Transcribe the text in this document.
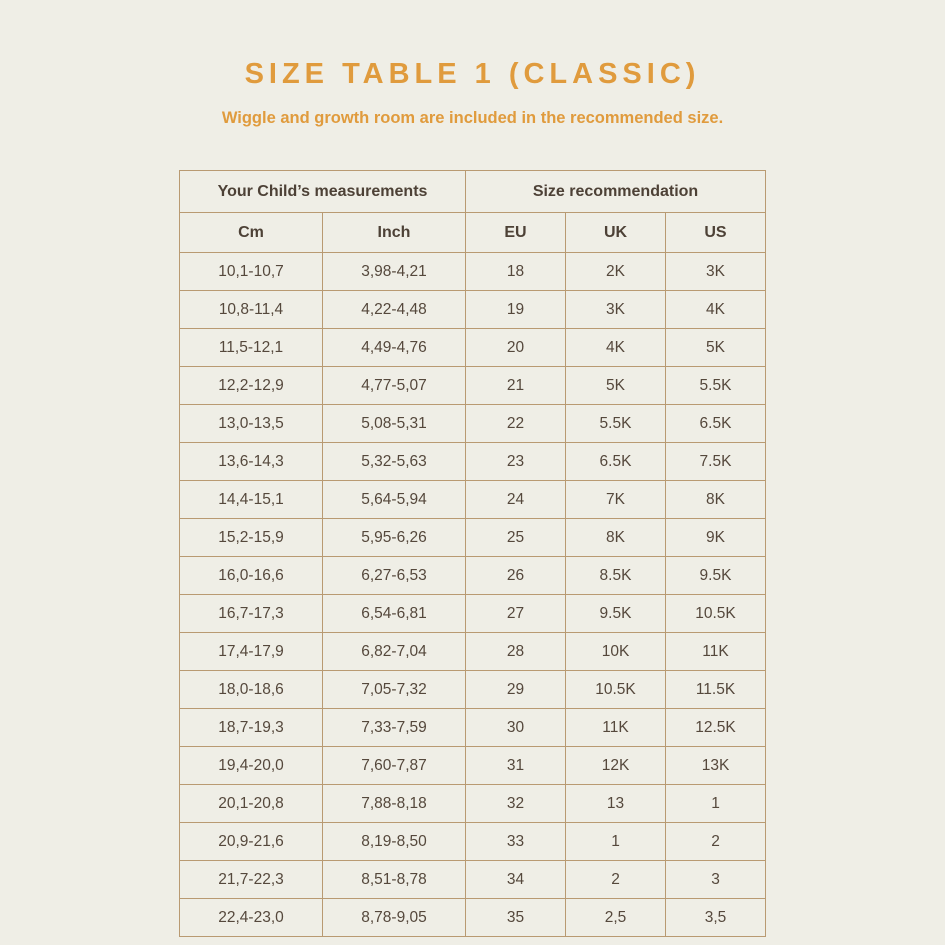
SIZE TABLE 1 (CLASSIC)
Wiggle and growth room are included in the recommended size.
Your Child’s measurements		Size recommendation		
Cm	Inch	EU	UK	US
10,1-10,7	3,98-4,21	18	2K	3K
10,8-11,4	4,22-4,48	19	3K	4K
11,5-12,1	4,49-4,76	20	4K	5K
12,2-12,9	4,77-5,07	21	5K	5.5K
13,0-13,5	5,08-5,31	22	5.5K	6.5K
13,6-14,3	5,32-5,63	23	6.5K	7.5K
14,4-15,1	5,64-5,94	24	7K	8K
15,2-15,9	5,95-6,26	25	8K	9K
16,0-16,6	6,27-6,53	26	8.5K	9.5K
16,7-17,3	6,54-6,81	27	9.5K	10.5K
17,4-17,9	6,82-7,04	28	10K	11K
18,0-18,6	7,05-7,32	29	10.5K	11.5K
18,7-19,3	7,33-7,59	30	11K	12.5K
19,4-20,0	7,60-7,87	31	12K	13K
20,1-20,8	7,88-8,18	32	13	1
20,9-21,6	8,19-8,50	33	1	2
21,7-22,3	8,51-8,78	34	2	3
22,4-23,0	8,78-9,05	35	2,5	3,5
